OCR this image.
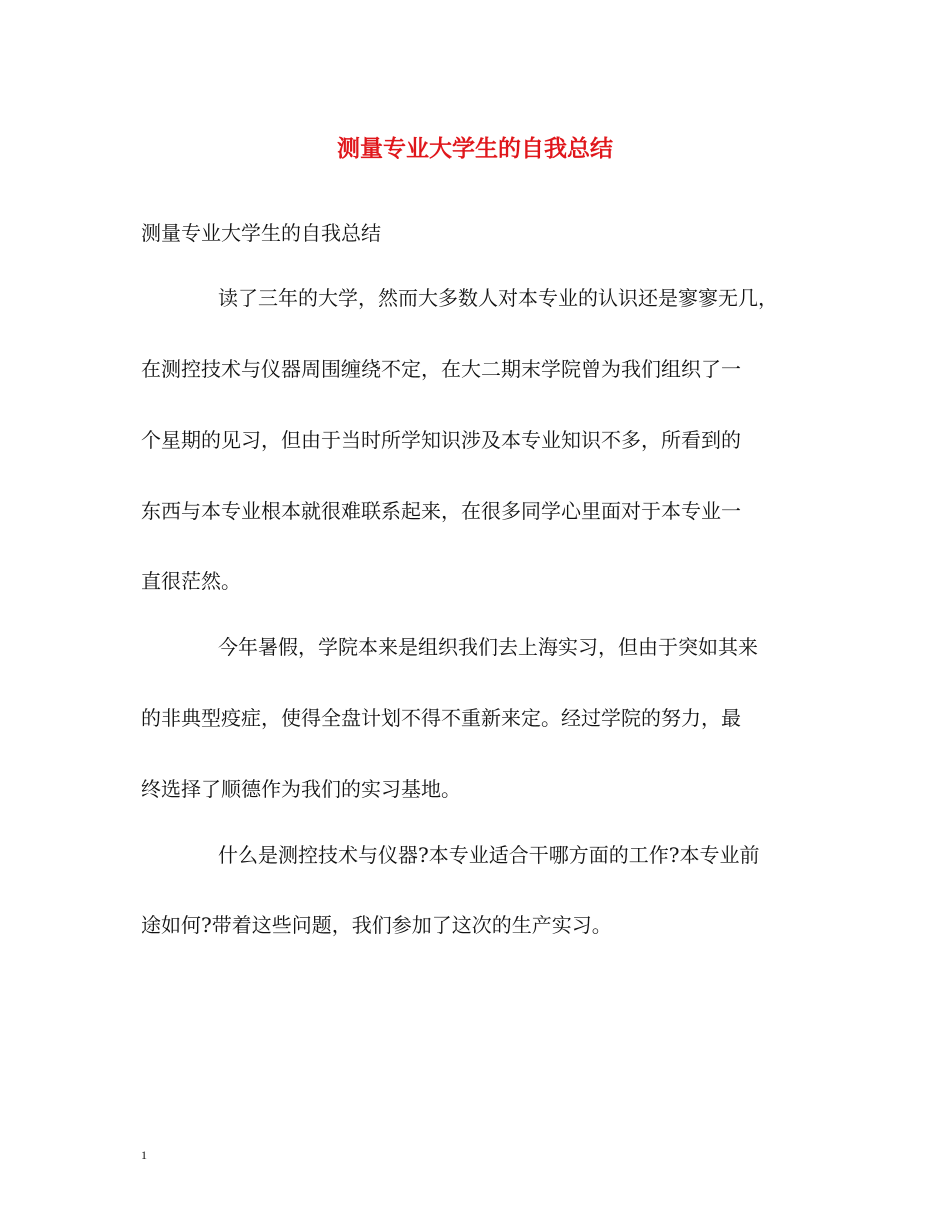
测量专业大学生的自我总结
测量专业大学生的自我总结
读了三年的大学，然而大多数人对本专业的认识还是寥寥无几，
在测控技术与仪器周围缠绕不定，在大二期末学院曾为我们组织了一
个星期的见习，但由于当时所学知识涉及本专业知识不多，所看到的
东西与本专业根本就很难联系起来，在很多同学心里面对于本专业一
直很茫然。
今年暑假，学院本来是组织我们去上海实习，但由于突如其来
的非典型疫症，使得全盘计划不得不重新来定。经过学院的努力，最
终选择了顺德作为我们的实习基地。
什么是测控技术与仪器?本专业适合干哪方面的工作?本专业前
途如何?带着这些问题，我们参加了这次的生产实习。
1
